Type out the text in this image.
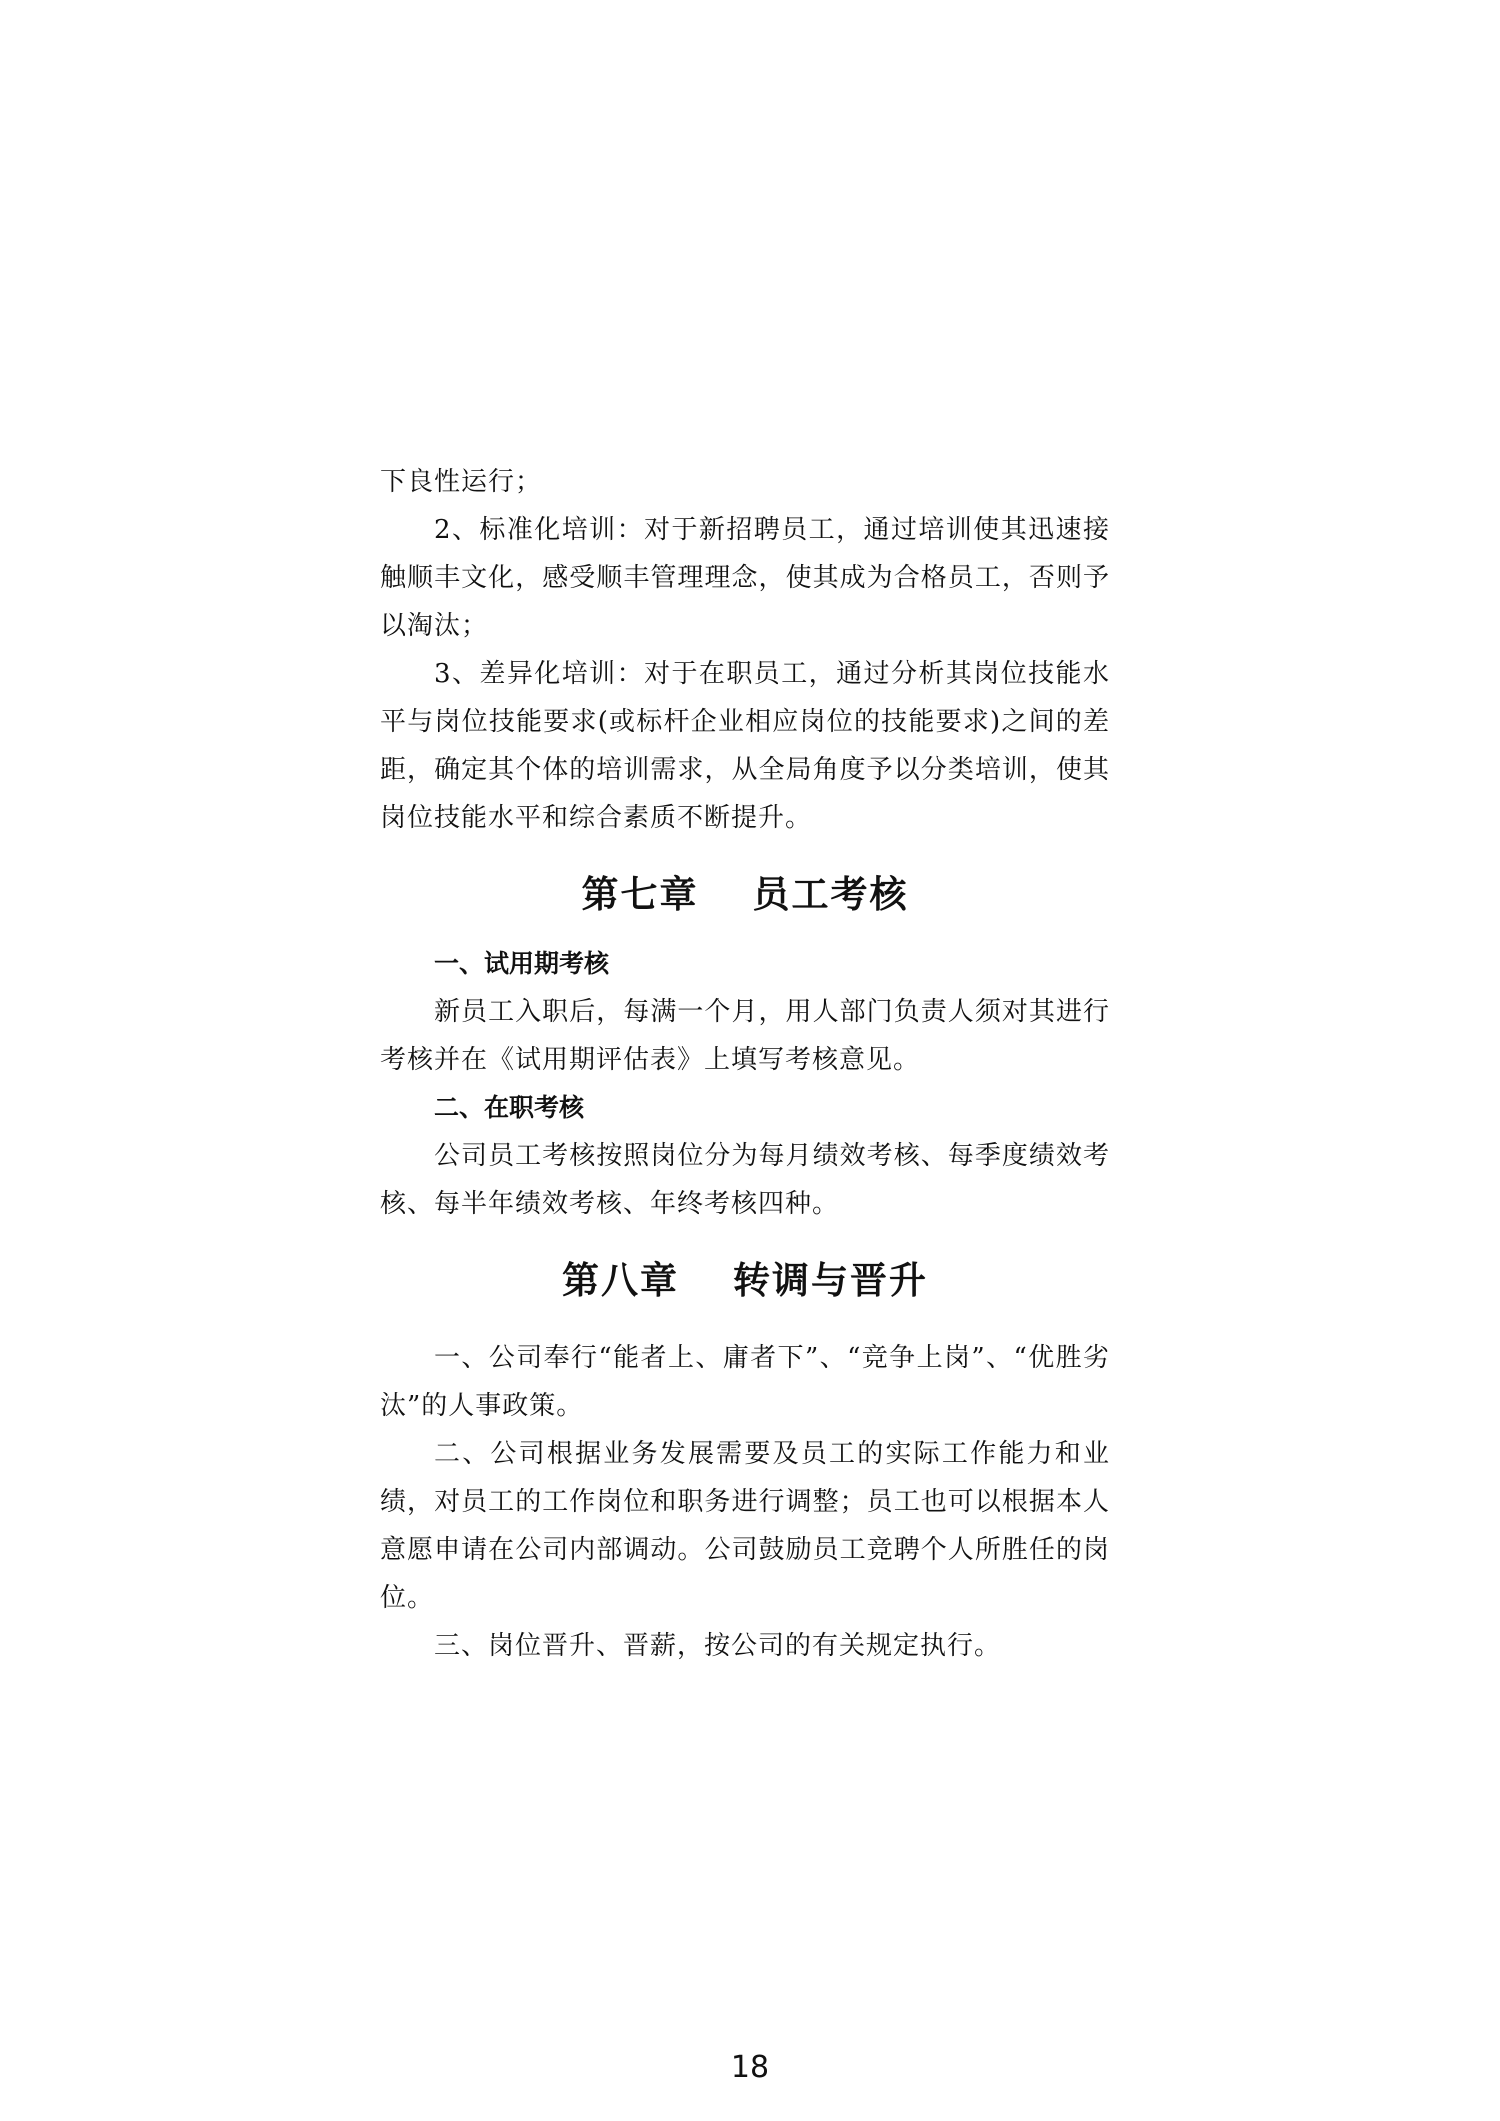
下良性运行；

2、标准化培训：对于新招聘员工，通过培训使其迅速接触顺丰文化，感受顺丰管理理念，使其成为合格员工，否则予以淘汰；

3、差异化培训：对于在职员工，通过分析其岗位技能水平与岗位技能要求(或标杆企业相应岗位的技能要求)之间的差距，确定其个体的培训需求，从全局角度予以分类培训，使其岗位技能水平和综合素质不断提升。

第七章 员工考核

一、试用期考核

新员工入职后，每满一个月，用人部门负责人须对其进行考核并在《试用期评估表》上填写考核意见。

二、在职考核

公司员工考核按照岗位分为每月绩效考核、每季度绩效考核、每半年绩效考核、年终考核四种。

第八章 转调与晋升

一、公司奉行“能者上、庸者下”、“竞争上岗”、“优胜劣汰”的人事政策。

二、公司根据业务发展需要及员工的实际工作能力和业绩，对员工的工作岗位和职务进行调整；员工也可以根据本人意愿申请在公司内部调动。公司鼓励员工竞聘个人所胜任的岗位。

三、岗位晋升、晋薪，按公司的有关规定执行。

18
